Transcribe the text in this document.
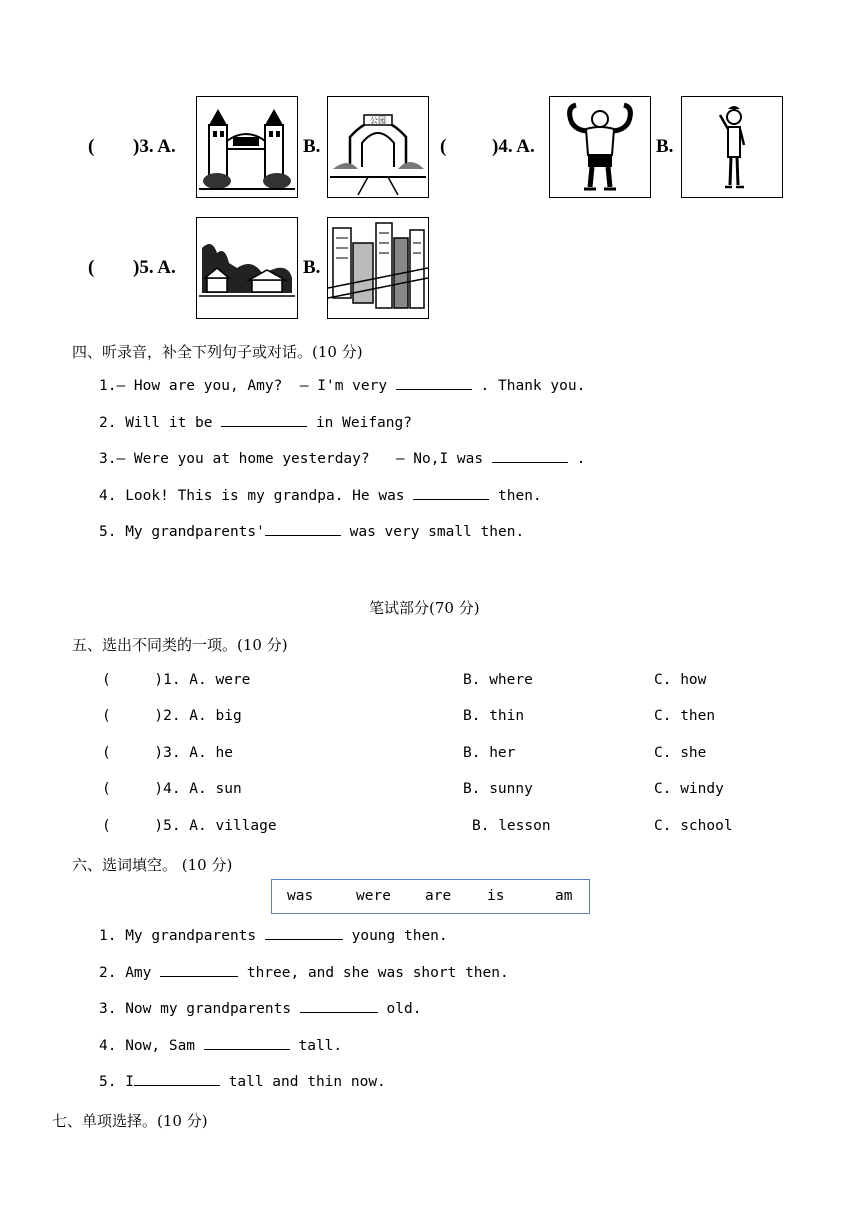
( )3. A.	B.
公园
( )4. A.	B.
( )5. A.	B.
四、听录音，补全下列句子或对话。(10 分)
1.— How are you, Amy?  — I'm very	. Thank you.
2. Will it be	in Weifang?
3.— Were you at home yesterday?   — No,I was	.
4. Look! This is my grandpa. He was	then.
5. My grandparents'	was very small then.
笔试部分(70 分)
五、选出不同类的一项。(10 分)
(     )1. A. were	B. where	C. how
(     )2. A. big	B. thin	C. then
(     )3. A. he	B. her	C. she
(     )4. A. sun	B. sunny	C. windy
(     )5. A. village	B. lesson	C. school
六、选词填空。 (10 分)
was	were are is	am
1. My grandparents	young then.
2. Amy	three, and she was short then.
3. Now my grandparents	old.
4. Now, Sam	tall.
5. I	tall and thin now.
七、单项选择。(10 分)
